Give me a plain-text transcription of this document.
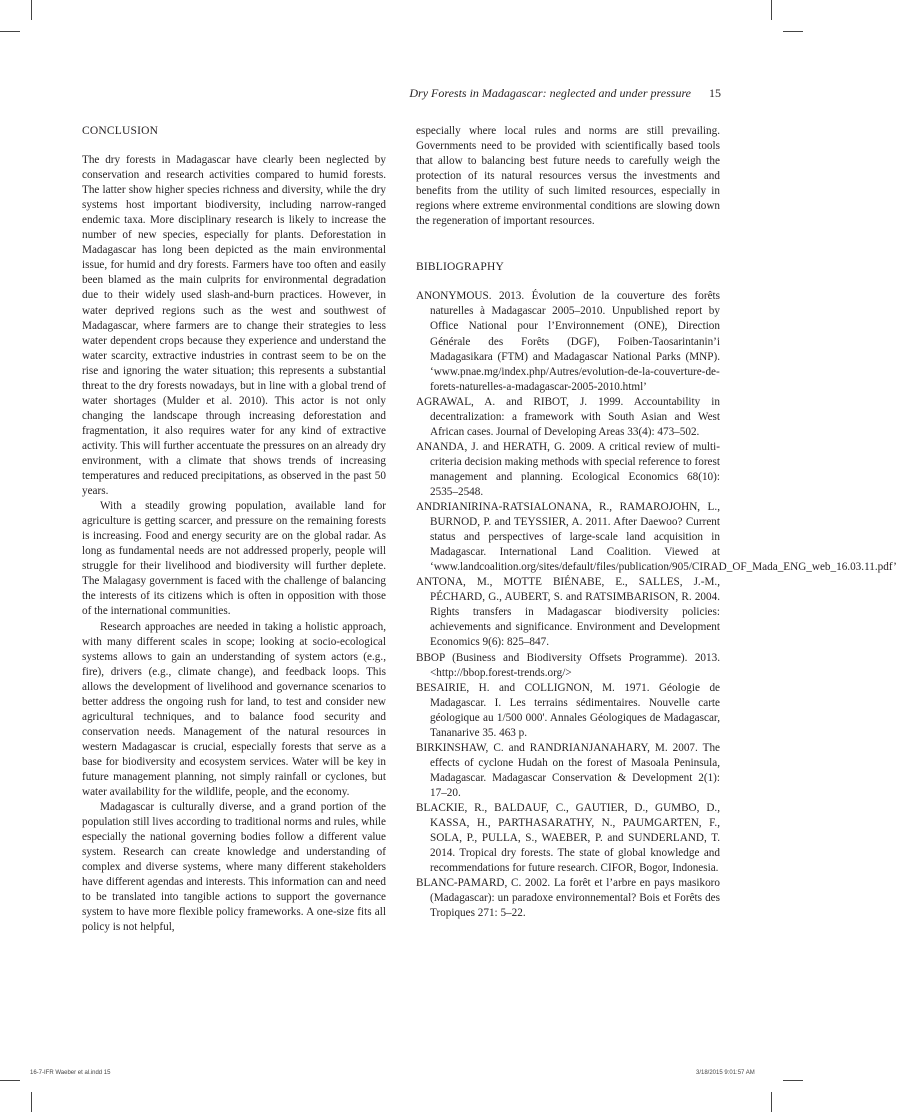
Dry Forests in Madagascar: neglected and under pressure 15

CONCLUSION

The dry forests in Madagascar have clearly been neglected by conservation and research activities compared to humid forests. The latter show higher species richness and diversity, while the dry systems host important biodiversity, including narrow-ranged endemic taxa. More disciplinary research is likely to increase the number of new species, especially for plants. Deforestation in Madagascar has long been depicted as the main environmental issue, for humid and dry forests. Farmers have too often and easily been blamed as the main culprits for environmental degradation due to their widely used slash-and-burn practices. However, in water deprived regions such as the west and southwest of Madagascar, where farmers are to change their strategies to less water dependent crops because they experience and understand the water scarcity, extractive industries in contrast seem to be on the rise and ignoring the water situation; this represents a substantial threat to the dry forests nowadays, but in line with a global trend of water shortages (Mulder et al. 2010). This actor is not only changing the landscape through increasing deforestation and fragmentation, it also requires water for any kind of extractive activity. This will further accentuate the pressures on an already dry environment, with a climate that shows trends of increasing temperatures and reduced precipitations, as observed in the past 50 years.

With a steadily growing population, available land for agriculture is getting scarcer, and pressure on the remaining forests is increasing. Food and energy security are on the global radar. As long as fundamental needs are not addressed properly, people will struggle for their livelihood and biodiversity will further deplete. The Malagasy government is faced with the challenge of balancing the interests of its citizens which is often in opposition with those of the international communities.

Research approaches are needed in taking a holistic approach, with many different scales in scope; looking at socio-ecological systems allows to gain an understanding of system actors (e.g., fire), drivers (e.g., climate change), and feedback loops. This allows the development of livelihood and governance scenarios to better address the ongoing rush for land, to test and consider new agricultural techniques, and to balance food security and conservation needs. Management of the natural resources in western Madagascar is crucial, especially forests that serve as a base for biodiversity and ecosystem services. Water will be key in future management planning, not simply rainfall or cyclones, but water availability for the wildlife, people, and the economy.

Madagascar is culturally diverse, and a grand portion of the population still lives according to traditional norms and rules, while especially the national governing bodies follow a different value system. Research can create knowledge and understanding of complex and diverse systems, where many different stakeholders have different agendas and interests. This information can and need to be translated into tangible actions to support the governance system to have more flexible policy frameworks. A one-size fits all policy is not helpful,

especially where local rules and norms are still prevailing. Governments need to be provided with scientifically based tools that allow to balancing best future needs to carefully weigh the protection of its natural resources versus the investments and benefits from the utility of such limited resources, especially in regions where extreme environmental conditions are slowing down the regeneration of important resources.

BIBLIOGRAPHY

ANONYMOUS. 2013. Évolution de la couverture des forêts naturelles à Madagascar 2005–2010. Unpublished report by Office National pour l’Environnement (ONE), Direction Générale des Forêts (DGF), Foiben-Taosarintanin’i Madagasikara (FTM) and Madagascar National Parks (MNP). ‘www.pnae.mg/index.php/Autres/evolution-de-la-couverture-de-forets-naturelles-a-madagascar-2005-2010.html’

AGRAWAL, A. and RIBOT, J. 1999. Accountability in decentralization: a framework with South Asian and West African cases. Journal of Developing Areas 33(4): 473–502.

ANANDA, J. and HERATH, G. 2009. A critical review of multi-criteria decision making methods with special reference to forest management and planning. Ecological Economics 68(10): 2535–2548.

ANDRIANIRINA-RATSIALONANA, R., RAMAROJOHN, L., BURNOD, P. and TEYSSIER, A. 2011. After Daewoo? Current status and perspectives of large-scale land acquisition in Madagascar. International Land Coalition. Viewed at ‘www.landcoalition.org/sites/default/files/publication/905/CIRAD_OF_Mada_ENG_web_16.03.11.pdf’

ANTONA, M., MOTTE BIÉNABE, E., SALLES, J.-M., PÉCHARD, G., AUBERT, S. and RATSIMBARISON, R. 2004. Rights transfers in Madagascar biodiversity policies: achievements and significance. Environment and Development Economics 9(6): 825–847.

BBOP (Business and Biodiversity Offsets Programme). 2013. <http://bbop.forest-trends.org/>

BESAIRIE, H. and COLLIGNON, M. 1971. Géologie de Madagascar. I. Les terrains sédimentaires. Nouvelle carte géologique au 1/500 000'. Annales Géologiques de Madagascar, Tananarive 35. 463 p.

BIRKINSHAW, C. and RANDRIANJANAHARY, M. 2007. The effects of cyclone Hudah on the forest of Masoala Peninsula, Madagascar. Madagascar Conservation & Development 2(1): 17–20.

BLACKIE, R., BALDAUF, C., GAUTIER, D., GUMBO, D., KASSA, H., PARTHASARATHY, N., PAUMGARTEN, F., SOLA, P., PULLA, S., WAEBER, P. and SUNDERLAND, T. 2014. Tropical dry forests. The state of global knowledge and recommendations for future research. CIFOR, Bogor, Indonesia.

BLANC-PAMARD, C. 2002. La forêt et l’arbre en pays masikoro (Madagascar): un paradoxe environnemental? Bois et Forêts des Tropiques 271: 5–22.

16-7-IFR Waeber et al.indd 15	3/18/2015 9:01:57 AM
